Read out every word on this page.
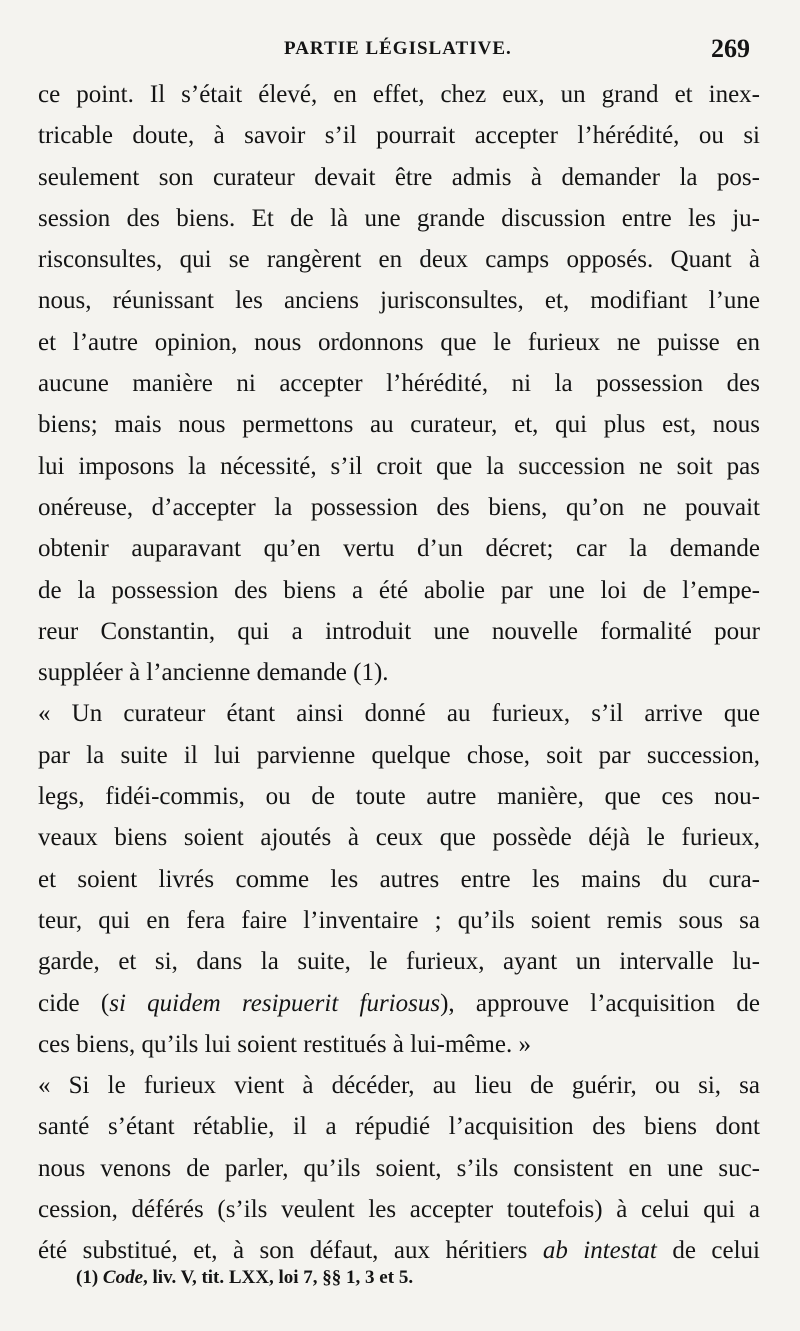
PARTIE LÉGISLATIVE.	269
ce point. Il s’était élevé, en effet, chez eux, un grand et inex-
tricable doute, à savoir s’il pourrait accepter l’hérédité, ou si
seulement son curateur devait être admis à demander la pos-
session des biens. Et de là une grande discussion entre les ju-
risconsultes, qui se rangèrent en deux camps opposés. Quant à
nous, réunissant les anciens jurisconsultes, et, modifiant l’une
et l’autre opinion, nous ordonnons que le furieux ne puisse en
aucune manière ni accepter l’hérédité, ni la possession des
biens; mais nous permettons au curateur, et, qui plus est, nous
lui imposons la nécessité, s’il croit que la succession ne soit pas
onéreuse, d’accepter la possession des biens, qu’on ne pouvait
obtenir auparavant qu’en vertu d’un décret; car la demande
de la possession des biens a été abolie par une loi de l’empe-
reur Constantin, qui a introduit une nouvelle formalité pour
suppléer à l’ancienne demande (1).
« Un curateur étant ainsi donné au furieux, s’il arrive que
par la suite il lui parvienne quelque chose, soit par succession,
legs, fidéi-commis, ou de toute autre manière, que ces nou-
veaux biens soient ajoutés à ceux que possède déjà le furieux,
et soient livrés comme les autres entre les mains du cura-
teur, qui en fera faire l’inventaire ; qu’ils soient remis sous sa
garde, et si, dans la suite, le furieux, ayant un intervalle lu-
cide (si quidem resipuerit furiosus), approuve l’acquisition de
ces biens, qu’ils lui soient restitués à lui-même. »
« Si le furieux vient à décéder, au lieu de guérir, ou si, sa
santé s’étant rétablie, il a répudié l’acquisition des biens dont
nous venons de parler, qu’ils soient, s’ils consistent en une suc-
cession, déférés (s’ils veulent les accepter toutefois) à celui qui a
été substitué, et, à son défaut, aux héritiers ab intestat de celui
(1) Code, liv. V, tit. LXX, loi 7, §§ 1, 3 et 5.
